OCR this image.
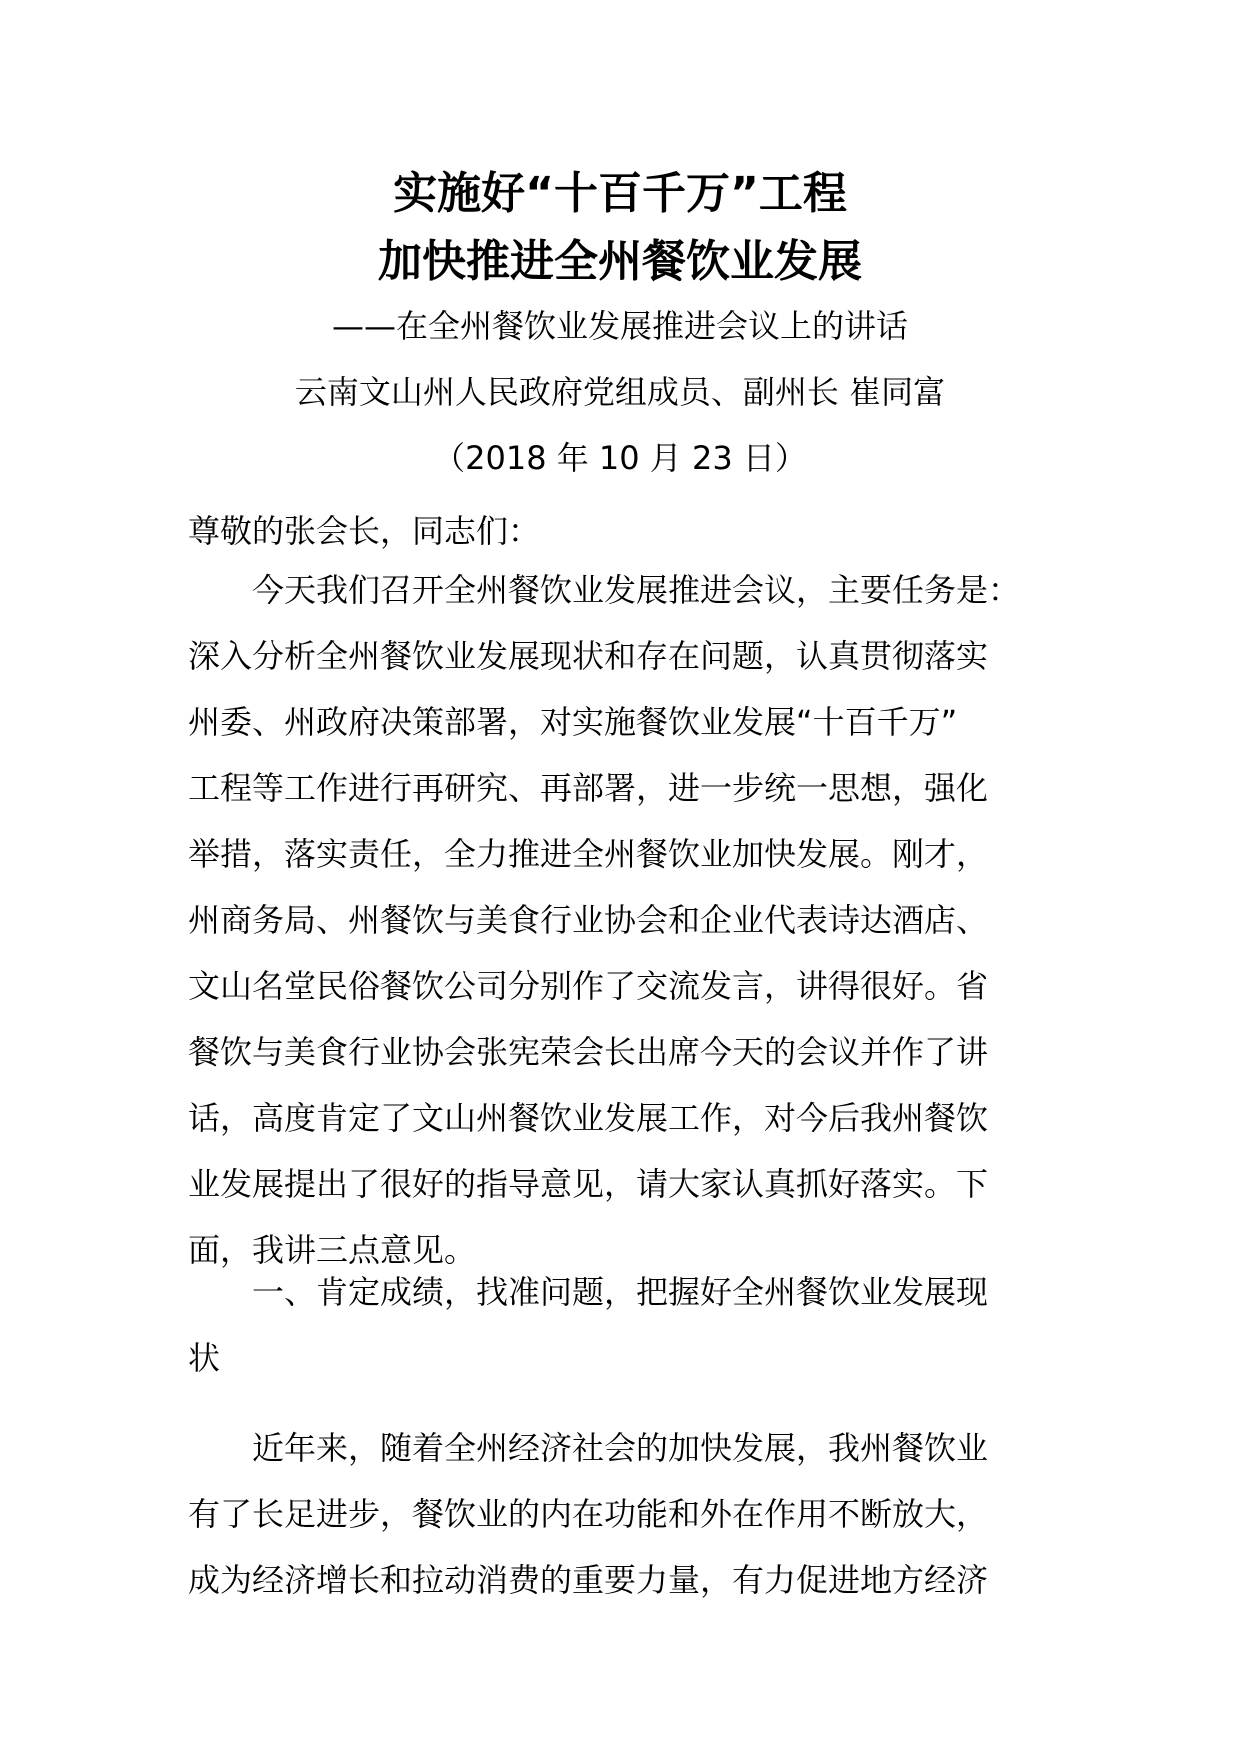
实施好“十百千万”工程
加快推进全州餐饮业发展
——在全州餐饮业发展推进会议上的讲话
云南文山州人民政府党组成员、副州长 崔同富
（2018 年 10 月 23 日）
尊敬的张会长，同志们：
　　今天我们召开全州餐饮业发展推进会议，主要任务是：
深入分析全州餐饮业发展现状和存在问题，认真贯彻落实
州委、州政府决策部署，对实施餐饮业发展“十百千万”
工程等工作进行再研究、再部署，进一步统一思想，强化
举措，落实责任，全力推进全州餐饮业加快发展。刚才，
州商务局、州餐饮与美食行业协会和企业代表诗达酒店、
文山名堂民俗餐饮公司分别作了交流发言，讲得很好。省
餐饮与美食行业协会张宪荣会长出席今天的会议并作了讲
话，高度肯定了文山州餐饮业发展工作，对今后我州餐饮
业发展提出了很好的指导意见，请大家认真抓好落实。下
面，我讲三点意见。
　　一、肯定成绩，找准问题，把握好全州餐饮业发展现
状
　　近年来，随着全州经济社会的加快发展，我州餐饮业
有了长足进步，餐饮业的内在功能和外在作用不断放大，
成为经济增长和拉动消费的重要力量，有力促进地方经济
